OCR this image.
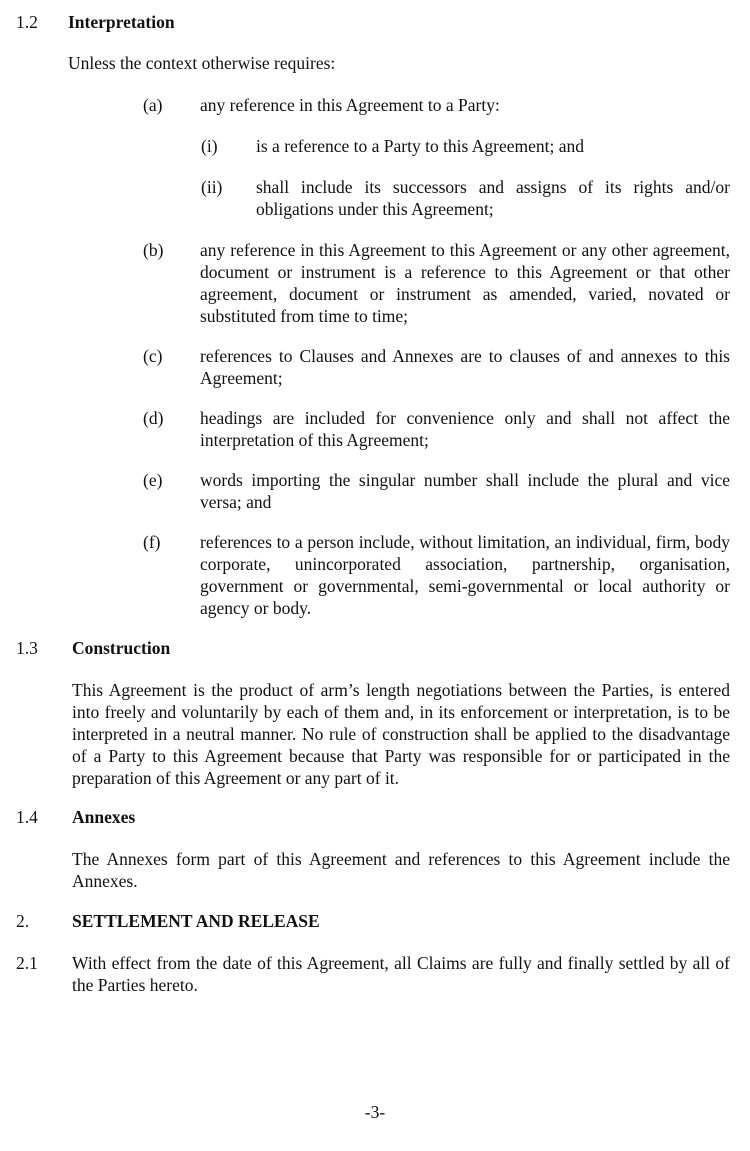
1.2 Interpretation
Unless the context otherwise requires:
(a) any reference in this Agreement to a Party:
(i) is a reference to a Party to this Agreement; and
(ii) shall include its successors and assigns of its rights and/or obligations under this Agreement;
(b) any reference in this Agreement to this Agreement or any other agreement, document or instrument is a reference to this Agreement or that other agreement, document or instrument as amended, varied, novated or substituted from time to time;
(c) references to Clauses and Annexes are to clauses of and annexes to this Agreement;
(d) headings are included for convenience only and shall not affect the interpretation of this Agreement;
(e) words importing the singular number shall include the plural and vice versa; and
(f) references to a person include, without limitation, an individual, firm, body corporate, unincorporated association, partnership, organisation, government or governmental, semi-governmental or local authority or agency or body.
1.3 Construction
This Agreement is the product of arm’s length negotiations between the Parties, is entered into freely and voluntarily by each of them and, in its enforcement or interpretation, is to be interpreted in a neutral manner. No rule of construction shall be applied to the disadvantage of a Party to this Agreement because that Party was responsible for or participated in the preparation of this Agreement or any part of it.
1.4 Annexes
The Annexes form part of this Agreement and references to this Agreement include the Annexes.
2. SETTLEMENT AND RELEASE
2.1 With effect from the date of this Agreement, all Claims are fully and finally settled by all of the Parties hereto.
-3-
